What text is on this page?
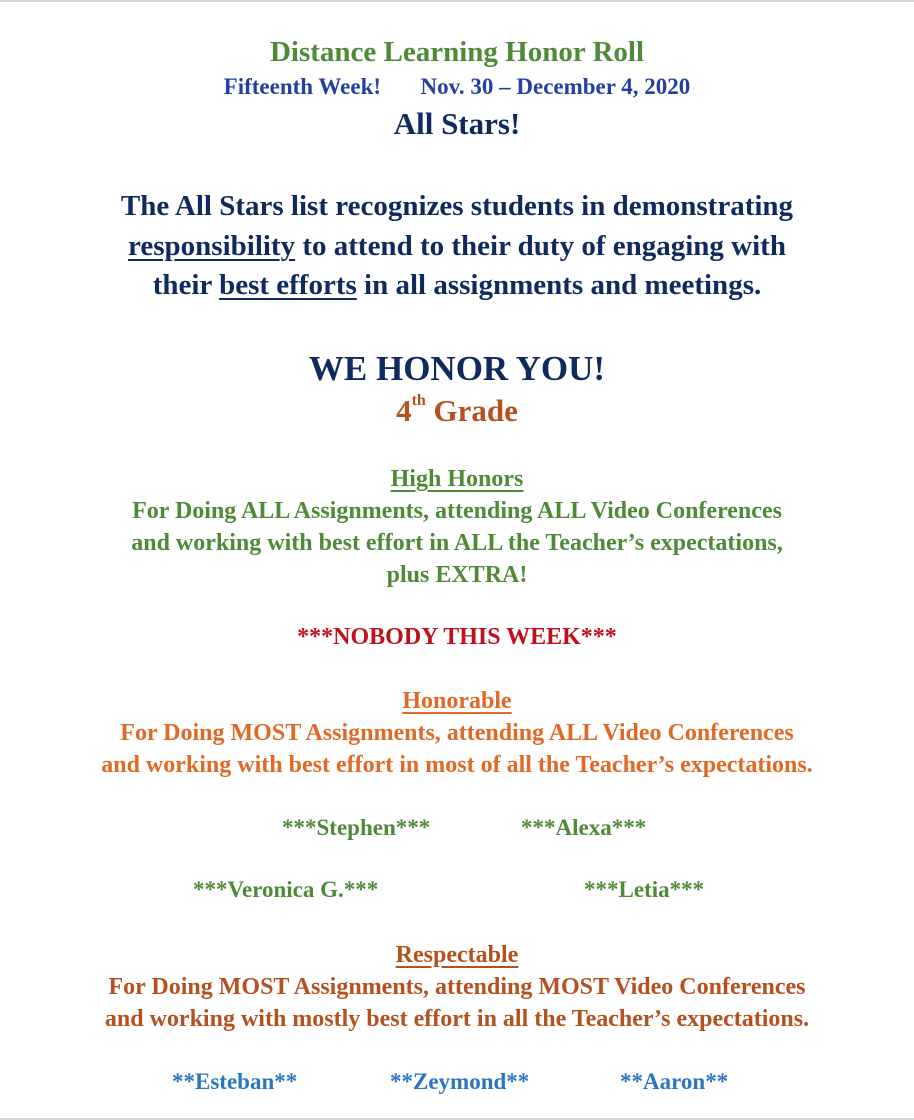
Distance Learning Honor Roll
Fifteenth Week! Nov. 30 – December 4, 2020
All Stars!
The All Stars list recognizes students in demonstrating
responsibility to attend to their duty of engaging with
their best efforts in all assignments and meetings.
WE HONOR YOU!
4th Grade
High Honors
For Doing ALL Assignments, attending ALL Video Conferences
and working with best effort in ALL the Teacher’s expectations,
plus EXTRA!
***NOBODY THIS WEEK***
Honorable
For Doing MOST Assignments, attending ALL Video Conferences
and working with best effort in most of all the Teacher’s expectations.
***Stephen***	***Alexa***
***Veronica G.***	***Letia***
Respectable
For Doing MOST Assignments, attending MOST Video Conferences
and working with mostly best effort in all the Teacher’s expectations.
**Esteban**	**Zeymond**	**Aaron**
